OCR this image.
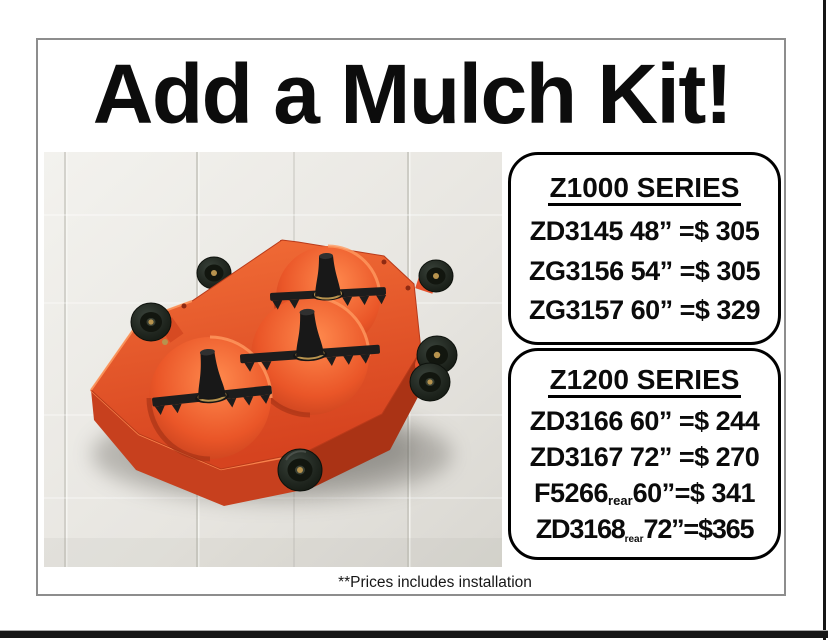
Add a Mulch Kit!
Z1000 SERIES
ZD3145 48” =$ 305
ZG3156 54” =$ 305
ZG3157 60” =$ 329
Z1200 SERIES
ZD3166 60” =$ 244
ZD3167 72” =$ 270
F5266rear60”=$ 341
ZD3168rear72”=$365
**Prices includes installation
